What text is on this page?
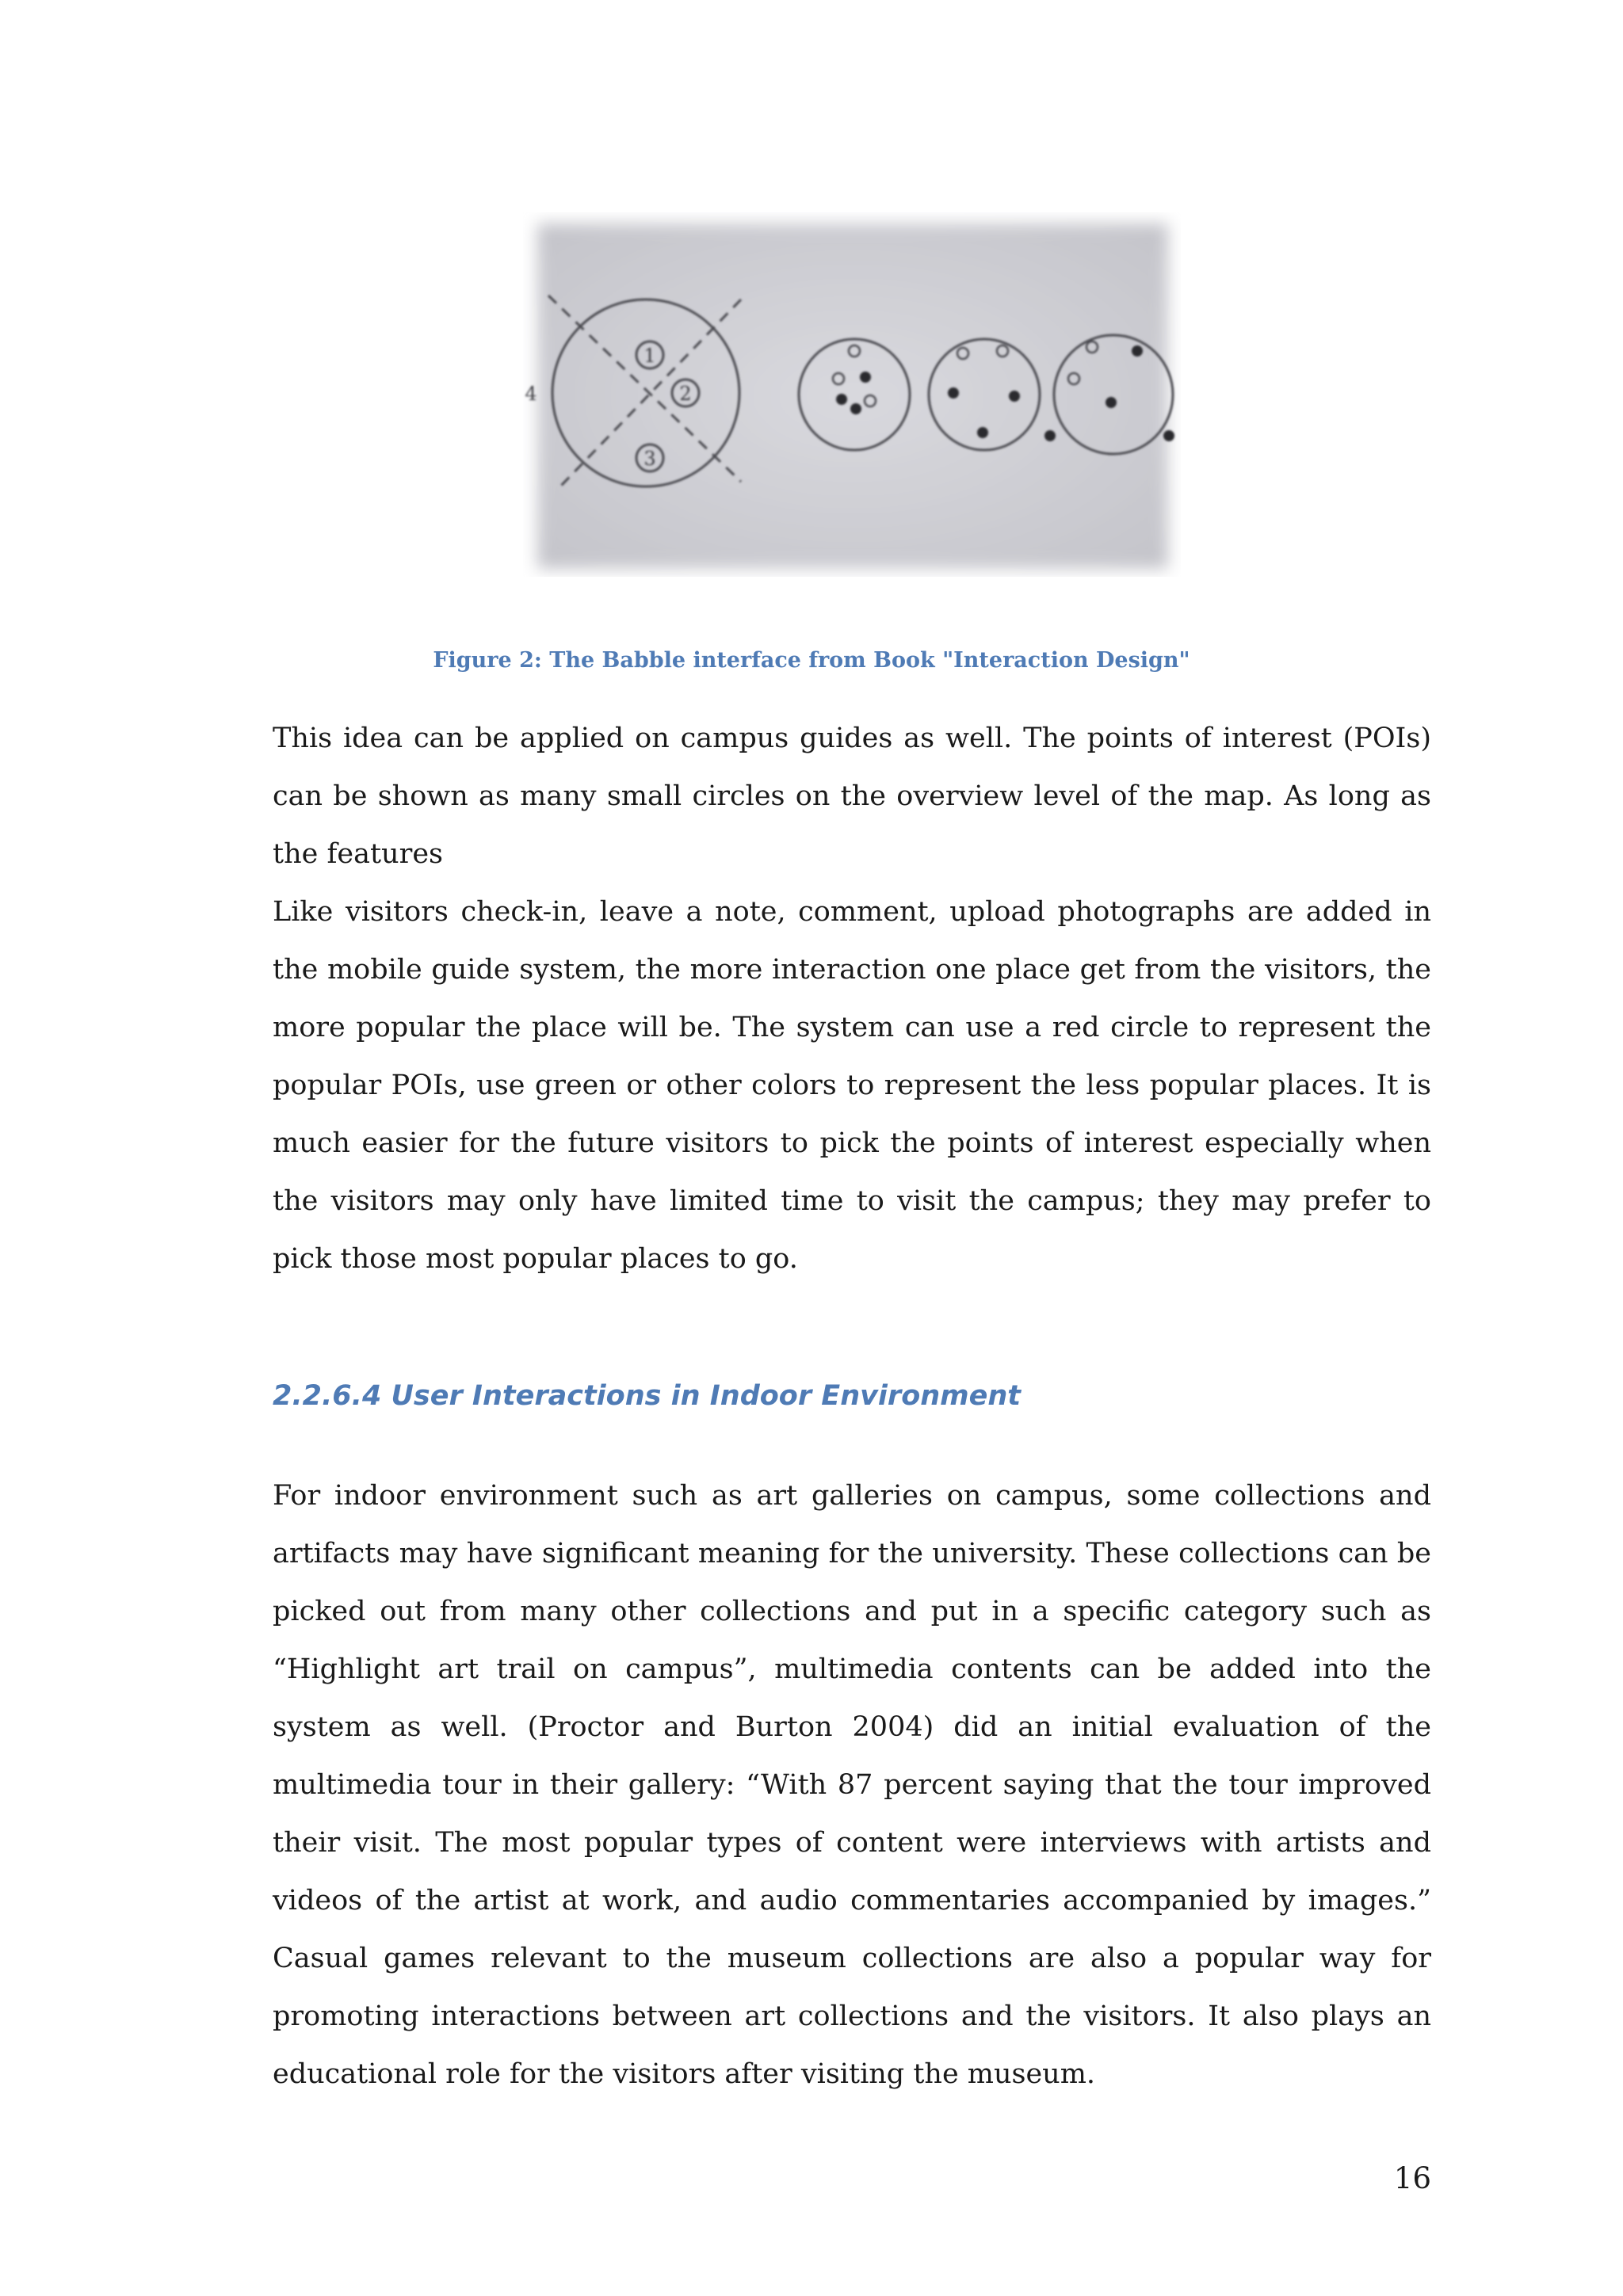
1
2
3
4
Figure 2: The Babble interface from Book "Interaction Design"

This idea can be applied on campus guides as well. The points of interest (POIs) can be shown as many small circles on the overview level of the map. As long as the features

Like visitors check-in, leave a note, comment, upload photographs are added in the mobile guide system, the more interaction one place get from the visitors, the more popular the place will be. The system can use a red circle to represent the popular POIs, use green or other colors to represent the less popular places. It is much easier for the future visitors to pick the points of interest especially when the visitors may only have limited time to visit the campus; they may prefer to pick those most popular places to go.

2.2.6.4 User Interactions in Indoor Environment

For indoor environment such as art galleries on campus, some collections and artifacts may have significant meaning for the university. These collections can be picked out from many other collections and put in a specific category such as “Highlight art trail on campus”, multimedia contents can be added into the system as well. (Proctor and Burton 2004) did an initial evaluation of the multimedia tour in their gallery: “With 87 percent saying that the tour improved their visit. The most popular types of content were interviews with artists and videos of the artist at work, and audio commentaries accompanied by images.” Casual games relevant to the museum collections are also a popular way for promoting interactions between art collections and the visitors. It also plays an educational role for the visitors after visiting the museum.

16
